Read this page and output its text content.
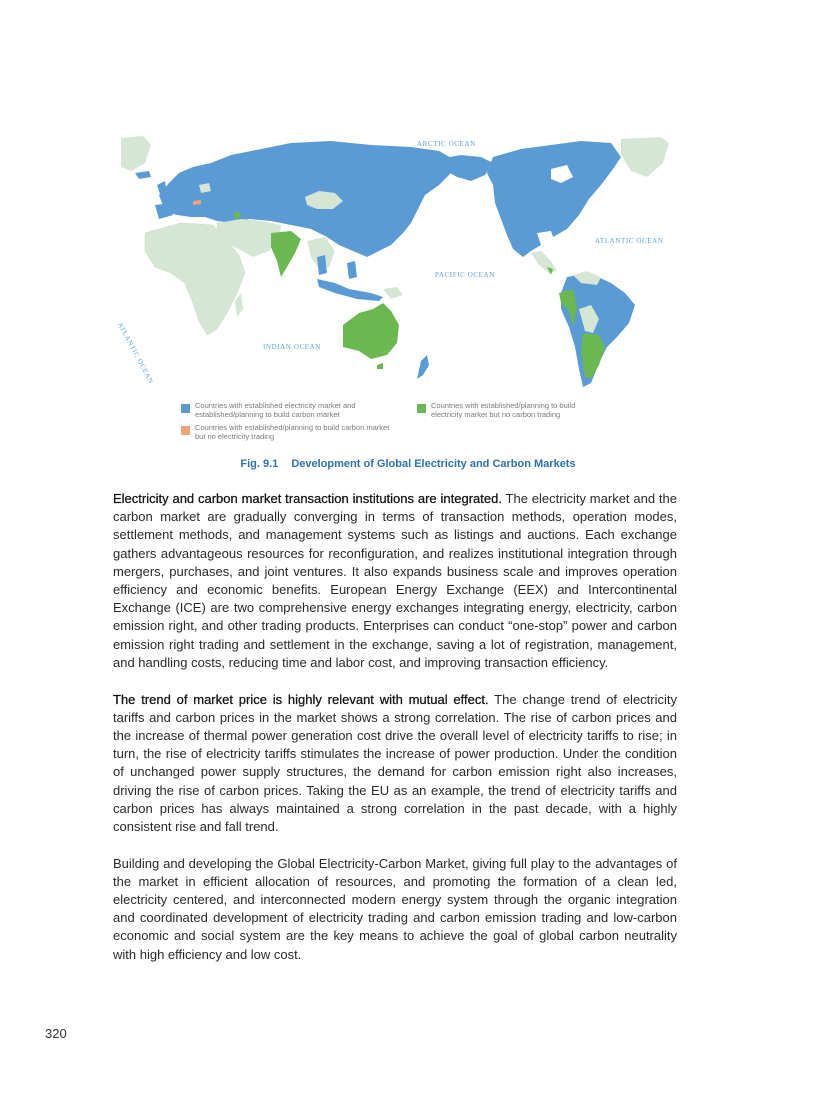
ARCTIC OCEAN
ATLANTIC OCEAN
PACIFIC OCEAN
INDIAN OCEAN
ATLANTIC OCEAN
Countries with established electricity market and established/planning to build carbon market
Countries with established/planning to build electricity market but no carbon trading
Countries with established/planning to build carbon market but no electricity trading
Fig. 9.1 Development of Global Electricity and Carbon Markets

Electricity and carbon market transaction institutions are integrated. The electricity market and the carbon market are gradually converging in terms of transaction methods, operation modes, settlement methods, and management systems such as listings and auctions. Each exchange gathers advantageous resources for reconfiguration, and realizes institutional integration through mergers, purchases, and joint ventures. It also expands business scale and improves operation efficiency and economic benefits. European Energy Exchange (EEX) and Intercontinental Exchange (ICE) are two comprehensive energy exchanges integrating energy, electricity, carbon emission right, and other trading products. Enterprises can conduct “one-stop” power and carbon emission right trading and settlement in the exchange, saving a lot of registration, management, and handling costs, reducing time and labor cost, and improving transaction efficiency.

The trend of market price is highly relevant with mutual effect. The change trend of electricity tariffs and carbon prices in the market shows a strong correlation. The rise of carbon prices and the increase of thermal power generation cost drive the overall level of electricity tariffs to rise; in turn, the rise of electricity tariffs stimulates the increase of power production. Under the condition of unchanged power supply structures, the demand for carbon emission right also increases, driving the rise of carbon prices. Taking the EU as an example, the trend of electricity tariffs and carbon prices has always maintained a strong correlation in the past decade, with a highly consistent rise and fall trend.

Building and developing the Global Electricity-Carbon Market, giving full play to the advantages of the market in efficient allocation of resources, and promoting the formation of a clean led, electricity centered, and interconnected modern energy system through the organic integration and coordinated development of electricity trading and carbon emission trading and low-carbon economic and social system are the key means to achieve the goal of global carbon neutrality with high efficiency and low cost.

320
